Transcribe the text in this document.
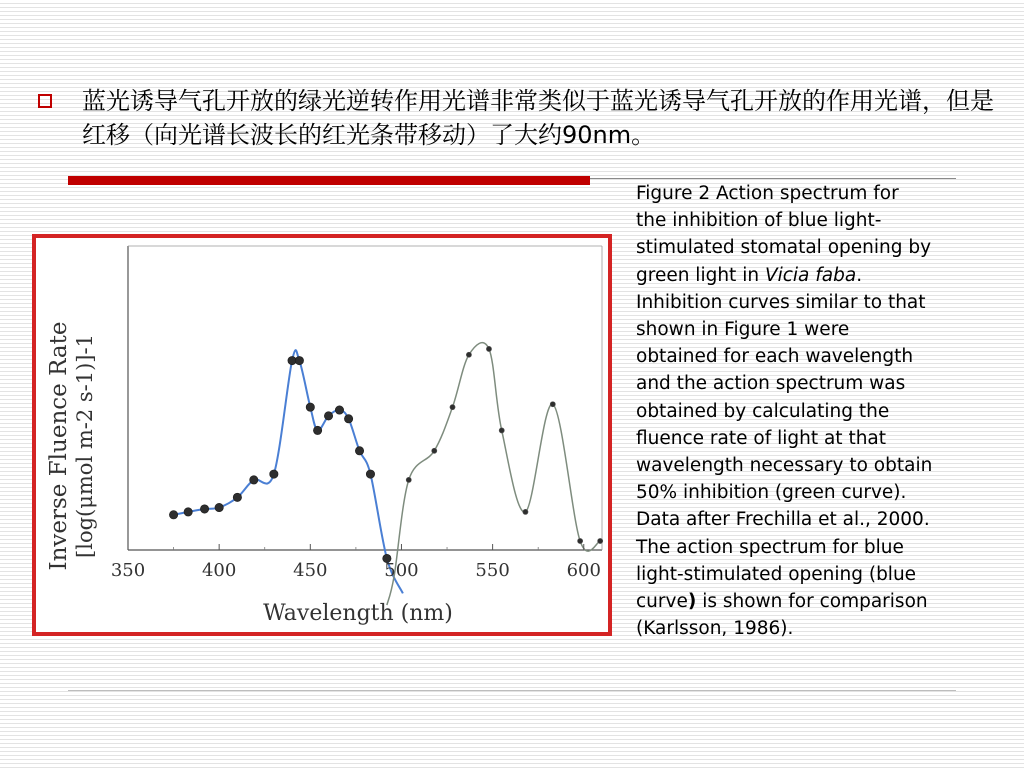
蓝光诱导气孔开放的绿光逆转作用光谱非常类似于蓝光诱导气孔开放的作用光谱，但是红移（向光谱长波长的红光条带移动）了大约90nm。
350	400	450	500	550	600
Inverse Fluence Rate [log(μmol m-2 s-1)]-1
Wavelength (nm)
Figure 2 Action spectrum for
the inhibition of blue light-
stimulated stomatal opening by
green light in Vicia faba.
Inhibition curves similar to that
shown in Figure 1 were
obtained for each wavelength
and the action spectrum was
obtained by calculating the
fluence rate of light at that
wavelength necessary to obtain
50% inhibition (green curve).
Data after Frechilla et al., 2000.
The action spectrum for blue
light-stimulated opening (blue
curve) is shown for comparison
(Karlsson, 1986).
